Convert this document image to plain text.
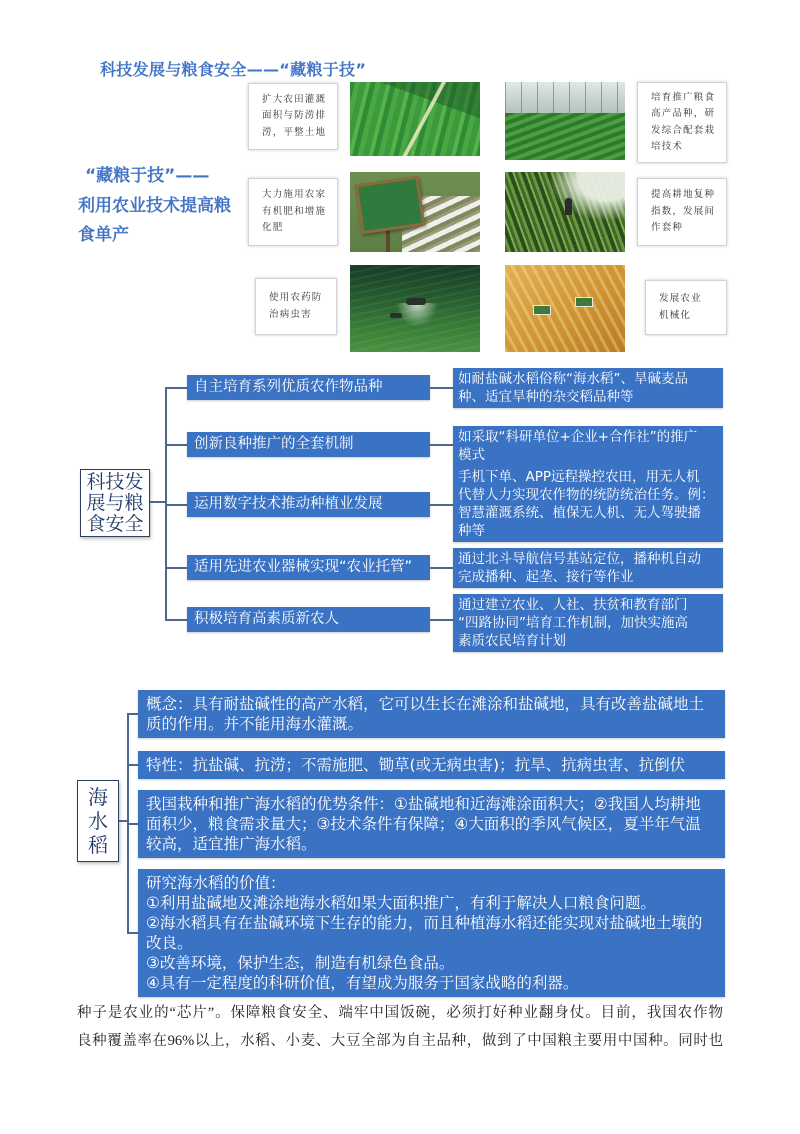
科技发展与粮食安全——“藏粮于技”
“藏粮于技”——
利用农业技术提高粮
食单产
扩大农田灌溉
面积与防涝排
涝，平整土地
培育推广粮食
高产品种，研
发综合配套栽
培技术
大力施用农家
有机肥和增施
化肥
提高耕地复种
指数，发展间
作套种
使用农药防
治病虫害
发展农业
机械化
科技发
展与粮
食安全
自主培育系列优质农作物品种
创新良种推广的全套机制
运用数字技术推动种植业发展
适用先进农业器械实现“农业托管”
积极培育高素质新农人
如耐盐碱水稻俗称“海水稻”、旱碱麦品
种、适宜旱种的杂交稻品种等
如采取“科研单位+企业+合作社”的推广
模式
手机下单、APP远程操控农田，用无人机
代替人力实现农作物的统防统治任务。例：
智慧灌溉系统、植保无人机、无人驾驶播
种等
通过北斗导航信号基站定位，播种机自动
完成播种、起垄、接行等作业
通过建立农业、人社、扶贫和教育部门
“四路协同”培育工作机制，加快实施高
素质农民培育计划
海
水
稻
概念：具有耐盐碱性的高产水稻，它可以生长在滩涂和盐碱地，具有改善盐碱地土
质的作用。并不能用海水灌溉。
特性：抗盐碱、抗涝；不需施肥、锄草(或无病虫害)；抗旱、抗病虫害、抗倒伏
我国栽种和推广海水稻的优势条件：①盐碱地和近海滩涂面积大；②我国人均耕地
面积少，粮食需求量大；③技术条件有保障；④大面积的季风气候区，夏半年气温
较高，适宜推广海水稻。
研究海水稻的价值：
①利用盐碱地及滩涂地海水稻如果大面积推广，有利于解决人口粮食问题。
②海水稻具有在盐碱环境下生存的能力，而且种植海水稻还能实现对盐碱地土壤的
改良。
③改善环境，保护生态，制造有机绿色食品。
④具有一定程度的科研价值，有望成为服务于国家战略的利器。
种子是农业的“芯片”。保障粮食安全、端牢中国饭碗，必须打好种业翻身仗。目前，我国农作物
良种覆盖率在96%以上，水稻、小麦、大豆全部为自主品种，做到了中国粮主要用中国种。同时也
